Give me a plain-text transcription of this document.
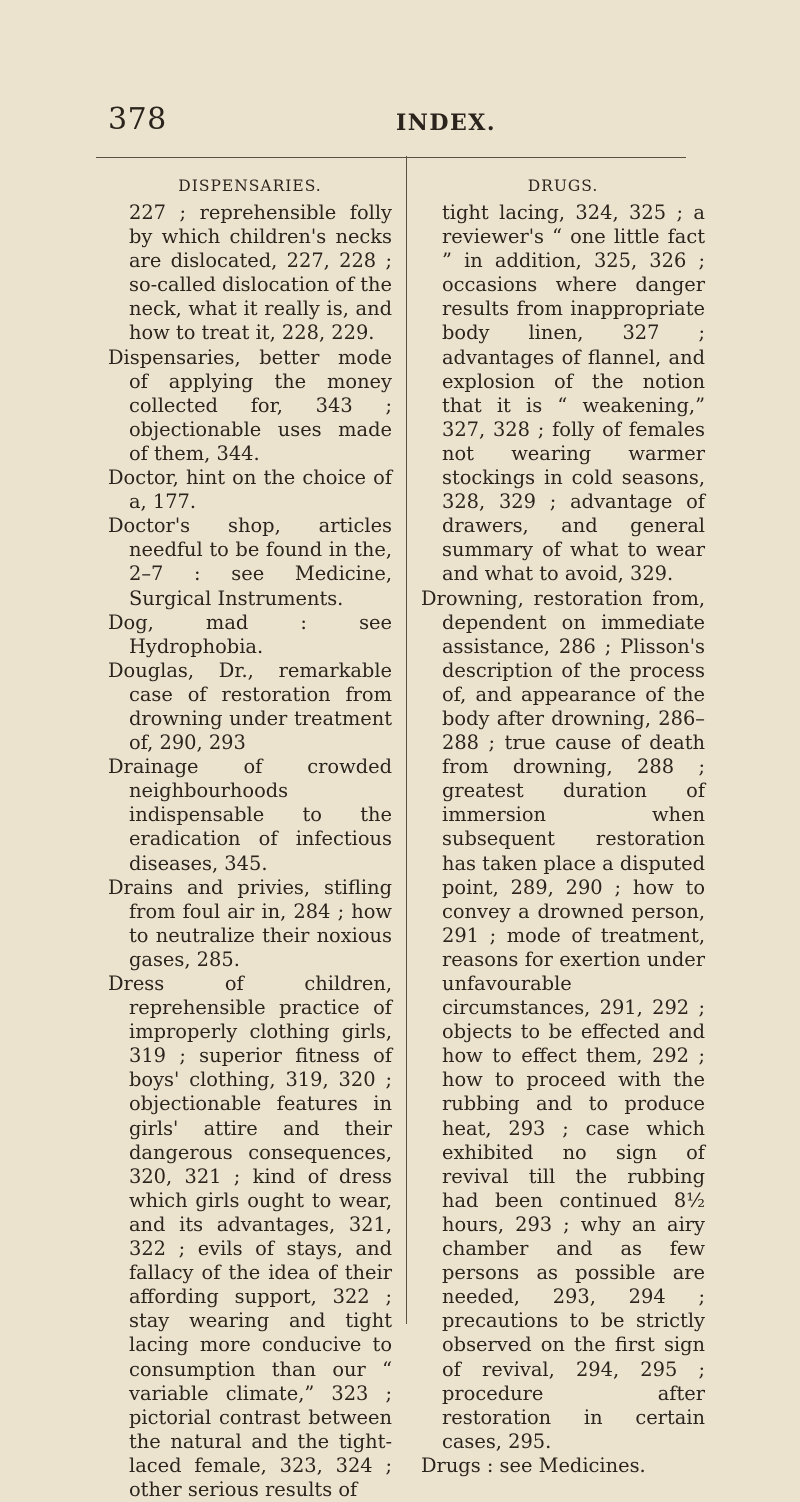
378	INDEX.
DISPENSARIES.

227 ; reprehensible folly by which children's necks are dislocated, 227, 228 ; so-called dislocation of the neck, what it really is, and how to treat it, 228, 229.

Dispensaries, better mode of applying the money collected for, 343 ; objectionable uses made of them, 344.

Doctor, hint on the choice of a, 177.

Doctor's shop, articles needful to be found in the, 2–7 : see Medicine, Surgical Instruments.

Dog, mad : see Hydrophobia.

Douglas, Dr., remarkable case of restoration from drowning under treatment of, 290, 293

Drainage of crowded neighbourhoods indispensable to the eradication of infectious diseases, 345.

Drains and privies, stifling from foul air in, 284 ; how to neutralize their noxious gases, 285.

Dress of children, reprehensible practice of improperly clothing girls, 319 ; superior fitness of boys' clothing, 319, 320 ; objectionable features in girls' attire and their dangerous consequences, 320, 321 ; kind of dress which girls ought to wear, and its advantages, 321, 322 ; evils of stays, and fallacy of the idea of their affording support, 322 ; stay wearing and tight lacing more conducive to consumption than our “ variable climate,” 323 ; pictorial contrast between the natural and the tight-laced female, 323, 324 ; other serious results of

DRUGS.

tight lacing, 324, 325 ; a reviewer's “ one little fact ” in addition, 325, 326 ; occasions where danger results from inappropriate body linen, 327 ; advantages of flannel, and explosion of the notion that it is “ weakening,” 327, 328 ; folly of females not wearing warmer stockings in cold seasons, 328, 329 ; advantage of drawers, and general summary of what to wear and what to avoid, 329.

Drowning, restoration from, dependent on immediate assistance, 286 ; Plisson's description of the process of, and appearance of the body after drowning, 286–288 ; true cause of death from drowning, 288 ; greatest duration of immersion when subsequent restoration has taken place a disputed point, 289, 290 ; how to convey a drowned person, 291 ; mode of treatment, reasons for exertion under unfavourable circumstances, 291, 292 ; objects to be effected and how to effect them, 292 ; how to proceed with the rubbing and to produce heat, 293 ; case which exhibited no sign of revival till the rubbing had been continued 8½ hours, 293 ; why an airy chamber and as few persons as possible are needed, 293, 294 ; precautions to be strictly observed on the first sign of revival, 294, 295 ; procedure after restoration in certain cases, 295.

Drugs : see Medicines.
